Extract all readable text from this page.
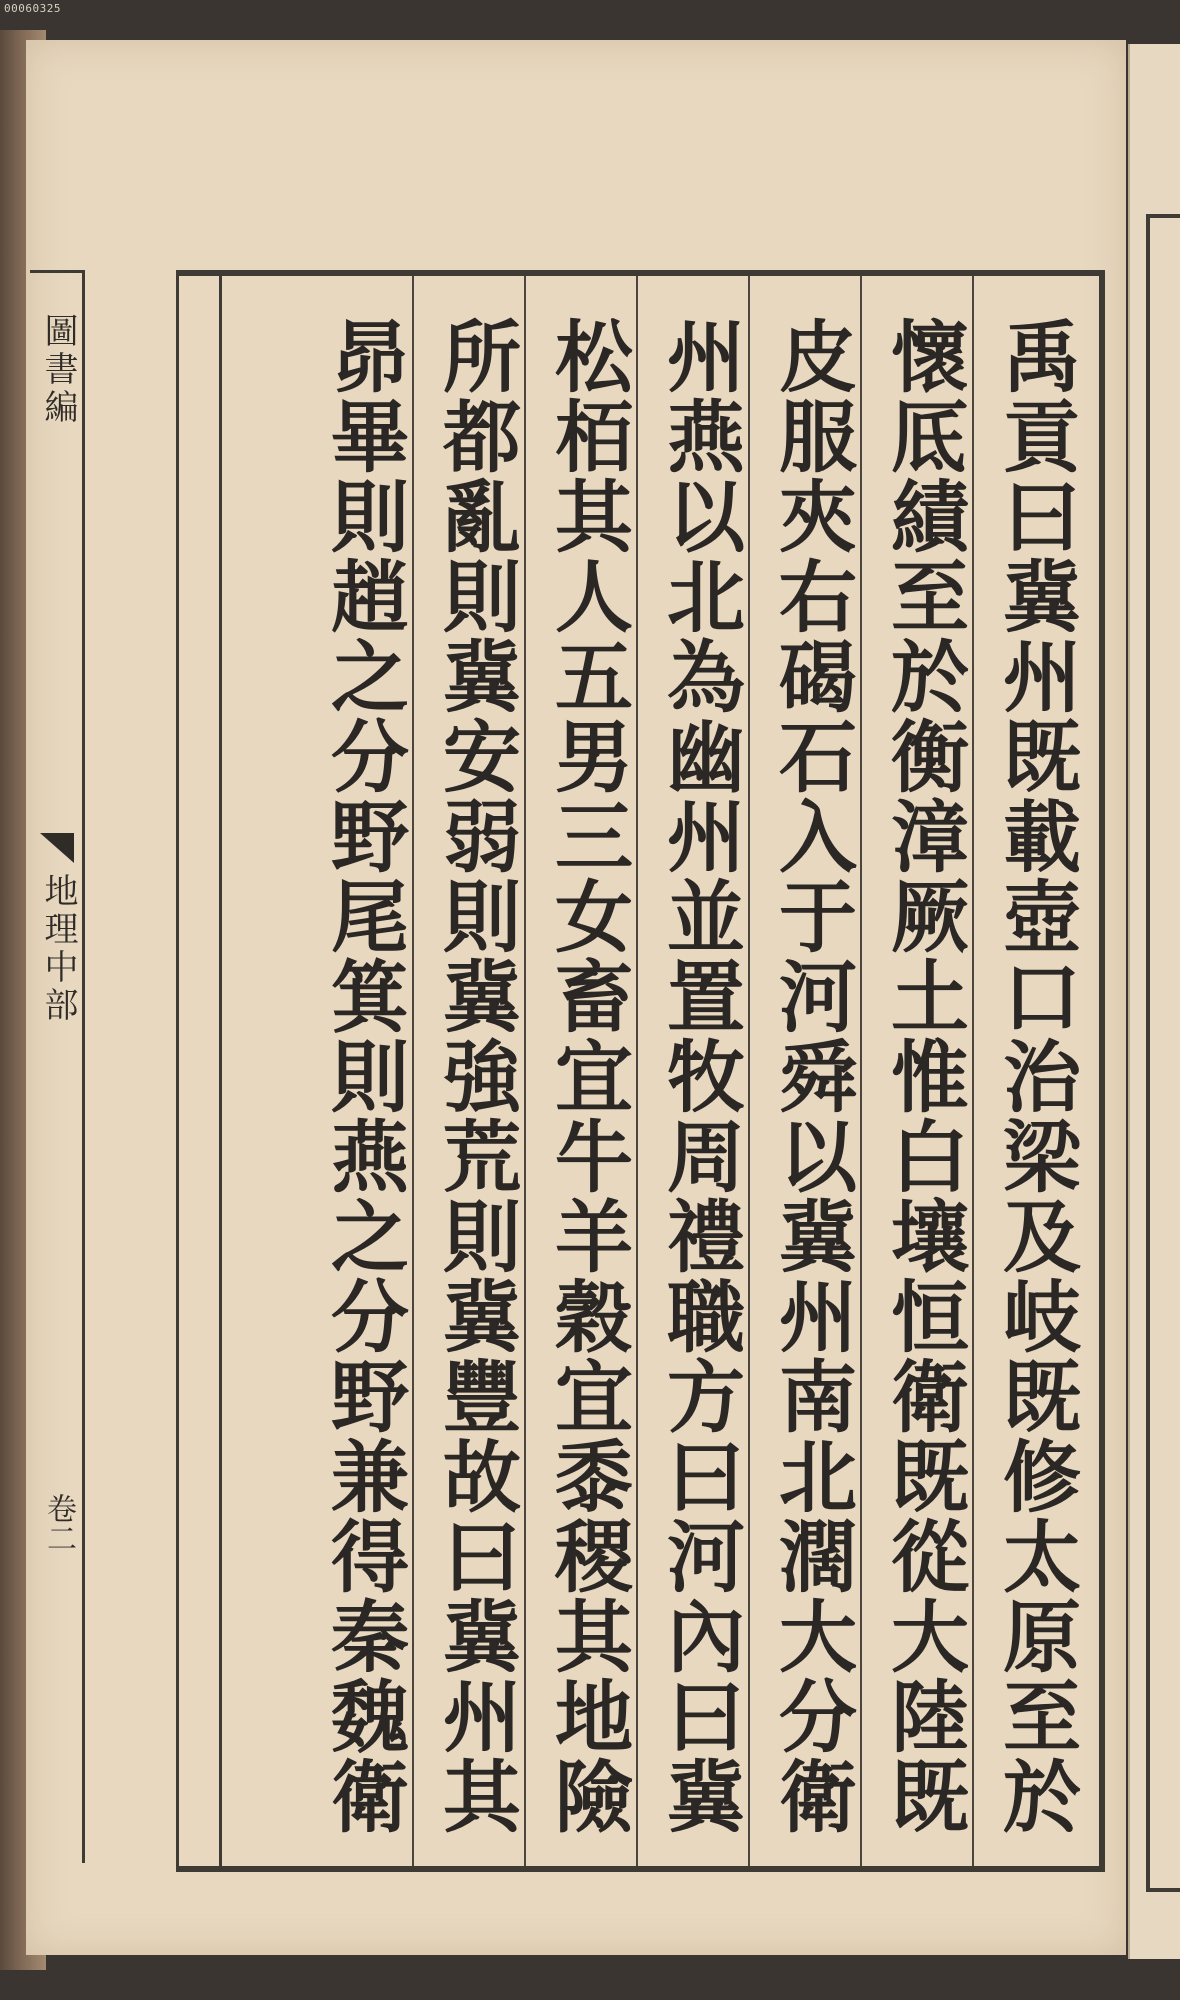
00060325
圖書編
地理中部
卷二
禹貢曰冀州既載壺口治梁及岐既修太原至於
懷厎績至於衡漳厥土惟白壤恒衛既從大陸既
皮服夾右碣石入于河舜以冀州南北濶大分衛
州燕以北為幽州並置牧周禮職方曰河內曰冀
松栢其人五男三女畜宜牛羊穀宜黍稷其地險
所都亂則冀安弱則冀強荒則冀豐故曰冀州其
昴畢則趙之分野尾箕則燕之分野兼得秦魏衛
